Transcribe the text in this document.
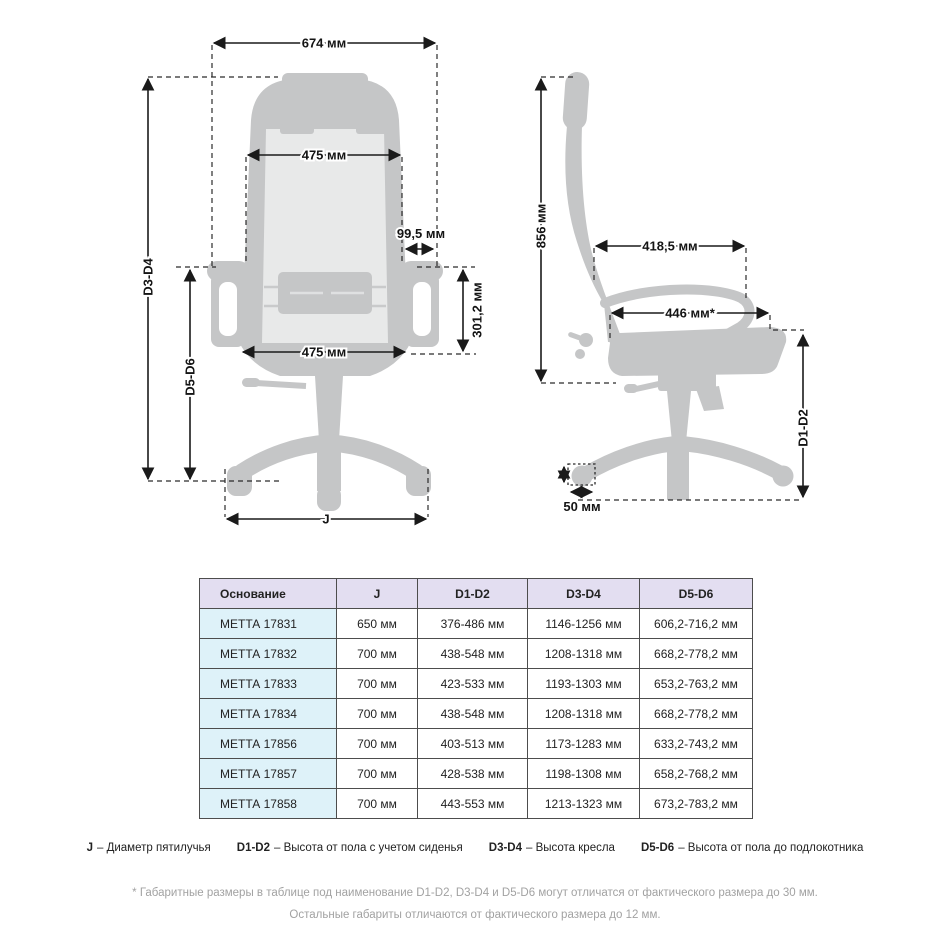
674 мм
D3-D4
D5-D6
475 мм
99,5 мм
301,2 мм
475 мм
J
856 мм	418,5 мм
446 мм*
D1-D2
50 мм
Основание	J	D1-D2	D3-D4	D5-D6
МЕТТА 17831	650 мм	376-486 мм	1146-1256 мм	606,2-716,2 мм
МЕТТА 17832	700 мм	438-548 мм	1208-1318 мм	668,2-778,2 мм
МЕТТА 17833	700 мм	423-533 мм	1193-1303 мм	653,2-763,2 мм
МЕТТА 17834	700 мм	438-548 мм	1208-1318 мм	668,2-778,2 мм
МЕТТА 17856	700 мм	403-513 мм	1173-1283 мм	633,2-743,2 мм
МЕТТА 17857	700 мм	428-538 мм	1198-1308 мм	658,2-768,2 мм
МЕТТА 17858	700 мм	443-553 мм	1213-1323 мм	673,2-783,2 мм
J – Диаметр пятилучья D1-D2 – Высота от пола с учетом сиденья D3-D4 – Высота кресла D5-D6 – Высота от пола до подлокотника
* Габаритные размеры в таблице под наименование D1-D2, D3-D4 и D5-D6 могут отличатся от фактического размера до 30 мм.
Остальные габариты отличаются от фактического размера до 12 мм.
